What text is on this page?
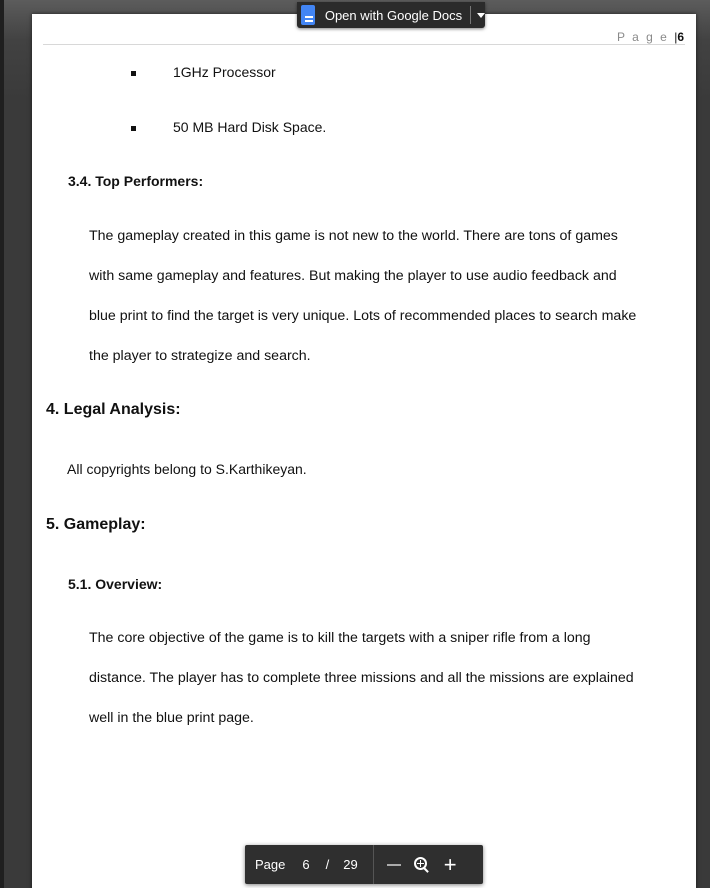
Open with Google Docs
P a g e |6
1GHz Processor
50 MB Hard Disk Space.
3.4. Top Performers:
The gameplay created in this game is not new to the world. There are tons of games
with same gameplay and features. But making the player to use audio feedback and
blue print to find the target is very unique. Lots of recommended places to search make
the player to strategize and search.
4. Legal Analysis:
All copyrights belong to S.Karthikeyan.
5. Gameplay:
5.1. Overview:
The core objective of the game is to kill the targets with a sniper rifle from a long
distance. The player has to complete three missions and all the missions are explained
well in the blue print page.
Page 6 / 29	+
